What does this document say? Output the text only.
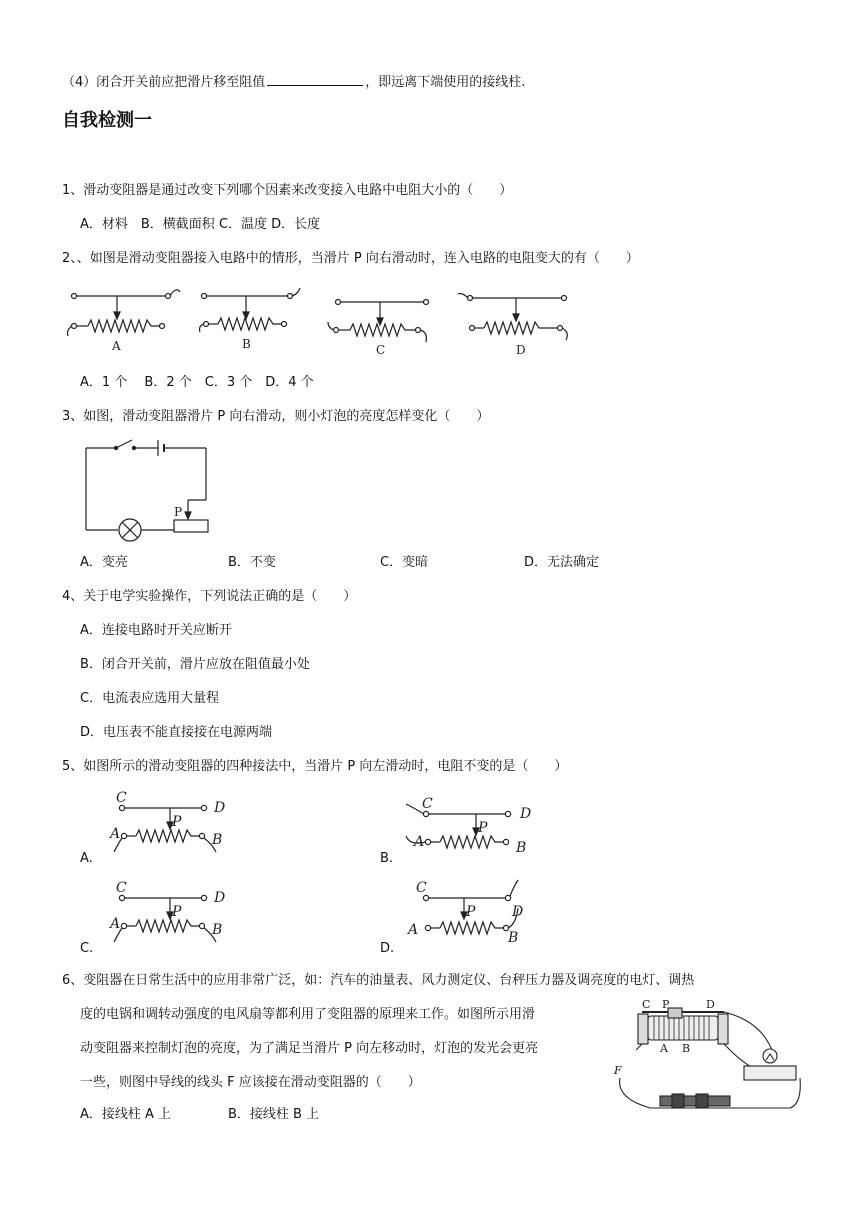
（4）闭合开关前应把滑片移至阻值	，即远离下端使用的接线柱.
自我检测一
1、滑动变阻器是通过改变下列哪个因素来改变接入电路中电阻大小的（　　）
A．材料　B．横截面积 C．温度 D．长度
2、、如图是滑动变阻器接入电路中的情形，当滑片 P 向右滑动时，连入电路的电阻变大的有（　　）
A	B	C	D
A．1 个　 B．2 个　C．3 个　D．4 个
3、如图，滑动变阻器滑片 P 向右滑动，则小灯泡的亮度怎样变化（　　）
P
A．变亮	B．不变	C．变暗	D．无法确定
4、关于电学实验操作，下列说法正确的是（　　）
A．连接电路时开关应断开
B．闭合开关前，滑片应放在阻值最小处
C．电流表应选用大量程
D．电压表不能直接接在电源两端
5、如图所示的滑动变阻器的四种接法中，当滑片 P 向左滑动时，电阻不变的是（　　）
A.	B.
C.	D.
C
D
A	B
P
C
D
A	B
P
C
D
A	B
P
C
D
A	B
P
6、变阻器在日常生活中的应用非常广泛，如：汽车的油量表、风力测定仪、台秤压力器及调亮度的电灯、调热
度的电锅和调转动强度的电风扇等都利用了变阻器的原理来工作。如图所示用滑
动变阻器来控制灯泡的亮度，为了满足当滑片 P 向左移动时，灯泡的发光会更亮
一些，则图中导线的线头 F 应该接在滑动变阻器的（　　）
A．接线柱 A 上	B．接线柱 B 上
C P	D
A B
F
